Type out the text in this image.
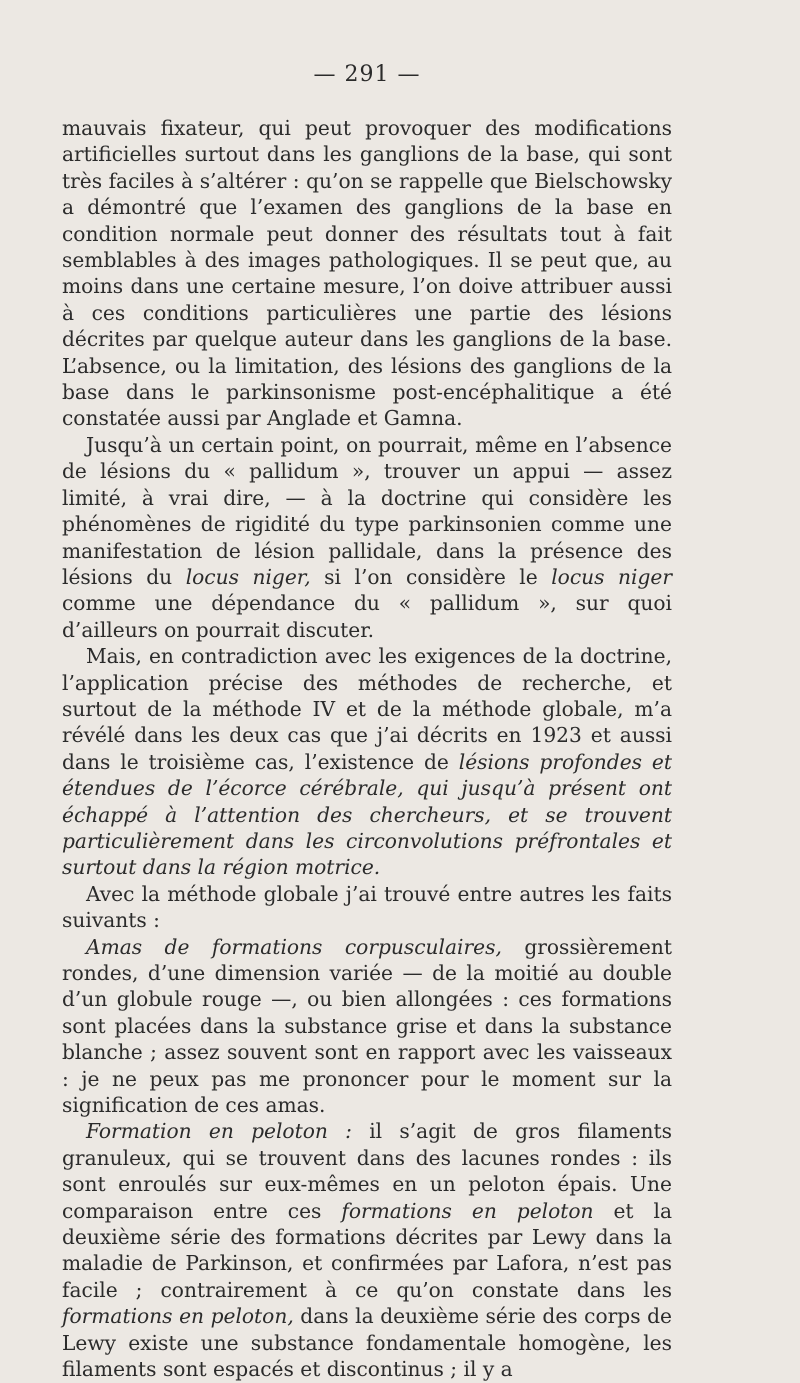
— 291 —

mauvais fixateur, qui peut provoquer des modifications artificielles surtout dans les ganglions de la base, qui sont très faciles à s’altérer : qu’on se rappelle que Bielschowsky a démontré que l’examen des ganglions de la base en condition normale peut donner des résultats tout à fait semblables à des images pathologiques. Il se peut que, au moins dans une certaine mesure, l’on doive attribuer aussi à ces conditions particulières une partie des lésions décrites par quelque auteur dans les ganglions de la base. L’absence, ou la limitation, des lésions des ganglions de la base dans le parkinsonisme post-encéphalitique a été constatée aussi par Anglade et Gamna.

Jusqu’à un certain point, on pourrait, même en l’absence de lésions du « pallidum », trouver un appui — assez limité, à vrai dire, — à la doctrine qui considère les phénomènes de rigidité du type parkinsonien comme une manifestation de lésion pallidale, dans la présence des lésions du locus niger, si l’on considère le locus niger comme une dépendance du « pallidum », sur quoi d’ailleurs on pourrait discuter.

Mais, en contradiction avec les exigences de la doctrine, l’application précise des méthodes de recherche, et surtout de la méthode IV et de la méthode globale, m’a révélé dans les deux cas que j’ai décrits en 1923 et aussi dans le troisième cas, l’existence de lésions profondes et étendues de l’écorce cérébrale, qui jusqu’à présent ont échappé à l’attention des chercheurs, et se trouvent particulièrement dans les circonvolutions préfrontales et surtout dans la région motrice.

Avec la méthode globale j’ai trouvé entre autres les faits suivants :

Amas de formations corpusculaires, grossièrement rondes, d’une dimension variée — de la moitié au double d’un globule rouge —, ou bien allongées : ces formations sont placées dans la substance grise et dans la substance blanche ; assez souvent sont en rapport avec les vaisseaux : je ne peux pas me prononcer pour le moment sur la signification de ces amas.

Formation en peloton : il s’agit de gros filaments granuleux, qui se trouvent dans des lacunes rondes : ils sont enroulés sur eux-mêmes en un peloton épais. Une comparaison entre ces formations en peloton et la deuxième série des formations décrites par Lewy dans la maladie de Parkinson, et confirmées par Lafora, n’est pas facile ; contrairement à ce qu’on constate dans les formations en peloton, dans la deuxième série des corps de Lewy existe une substance fondamentale homogène, les filaments sont espacés et discontinus ; il y a
